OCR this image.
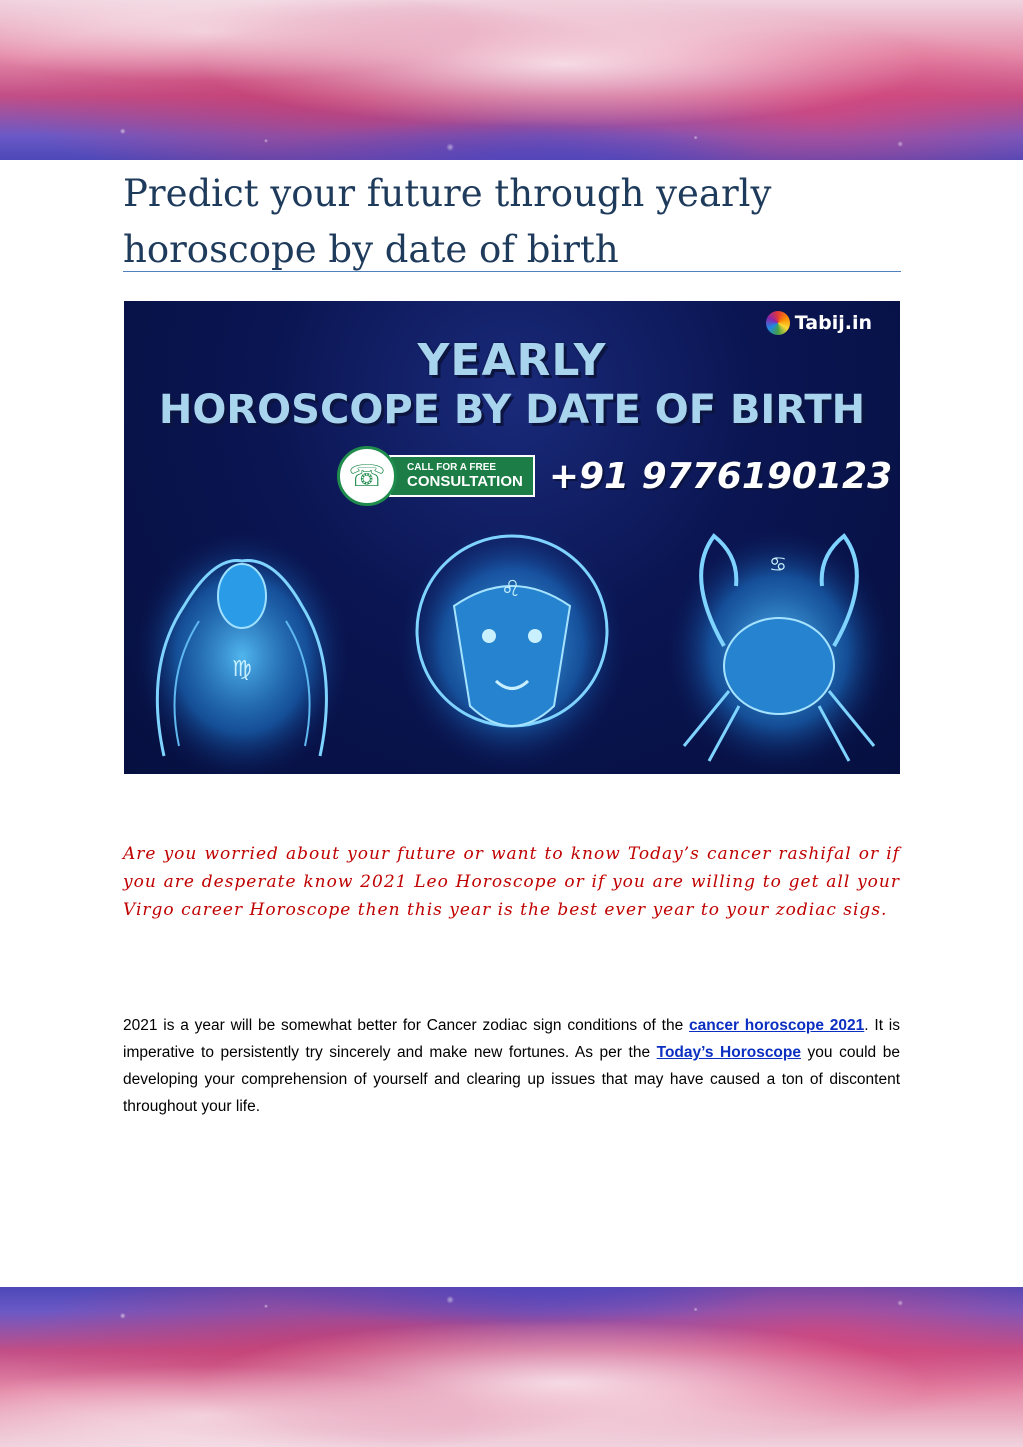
Predict your future through yearly horoscope by date of birth
Tabij.in
YEARLY
HOROSCOPE BY DATE OF BIRTH
☏	CALL FOR A FREE
CONSULTATION +91 9776190123
♍
♌
♋

Are you worried about your future or want to know Today’s cancer rashifal or if you are desperate know 2021 Leo Horoscope or if you are willing to get all your Virgo career Horoscope then this year is the best ever year to your zodiac sigs.

2021 is a year will be somewhat better for Cancer zodiac sign conditions of the cancer horoscope 2021. It is imperative to persistently try sincerely and make new fortunes. As per the Today’s Horoscope you could be developing your comprehension of yourself and clearing up issues that may have caused a ton of discontent throughout your life.
